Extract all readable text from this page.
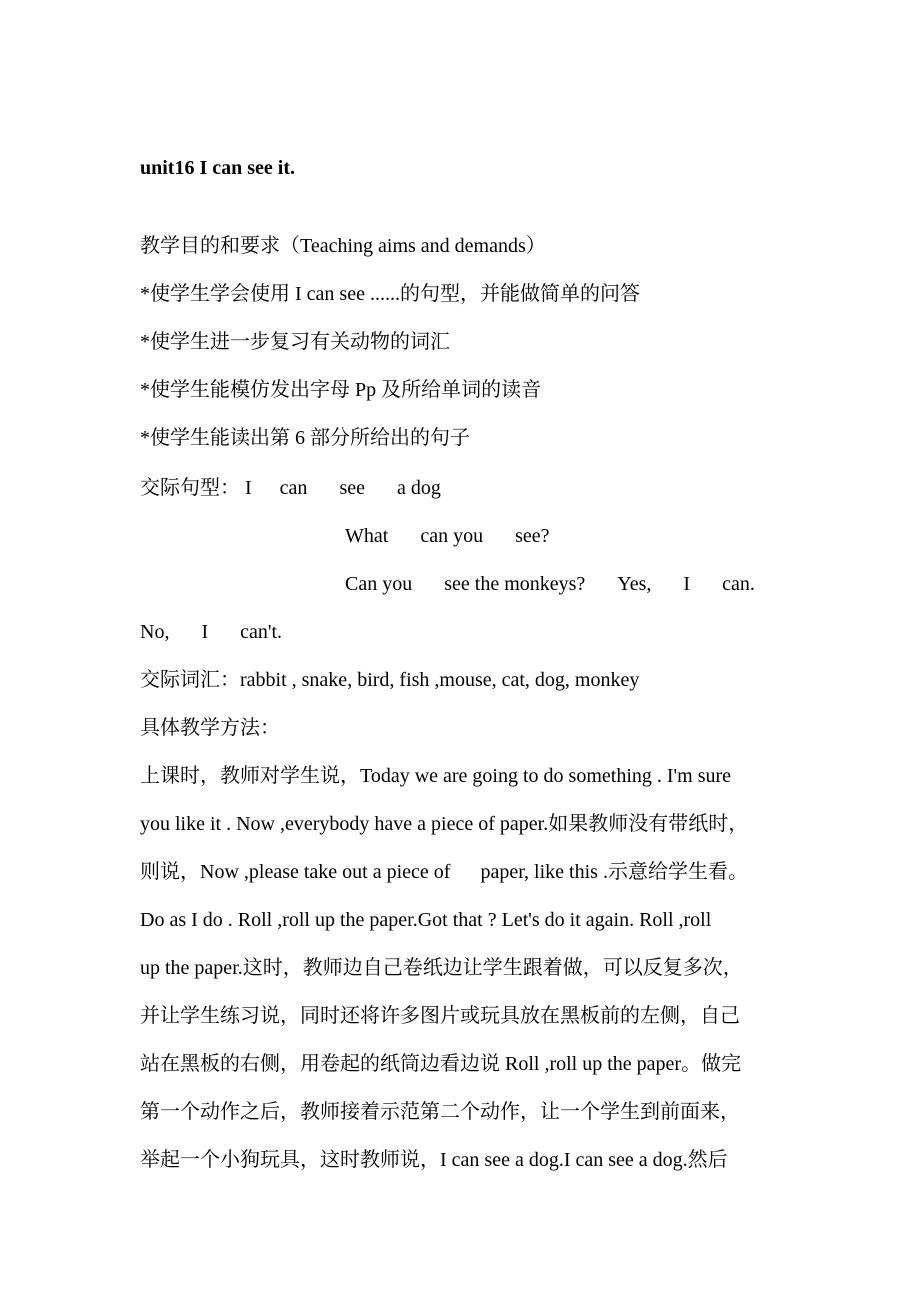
unit16 I can see it.
教学目的和要求（Teaching aims and demands）
*使学生学会使用 I can see ......的句型，并能做简单的问答
*使学生进一步复习有关动物的词汇
*使学生能模仿发出字母 Pp 及所给单词的读音
*使学生能读出第 6 部分所给出的句子
交际句型： I can see a dog
What can you see?
Can you see the monkeys? Yes, I can.
No, I can't.
交际词汇：rabbit , snake, bird, fish ,mouse, cat, dog, monkey
具体教学方法：
上课时，教师对学生说，Today we are going to do something . I'm sure
you like it . Now ,everybody have a piece of paper.如果教师没有带纸时，
则说，Now ,please take out a piece of      paper, like this .示意给学生看。
Do as I do . Roll ,roll up the paper.Got that ? Let's do it again. Roll ,roll
up the paper.这时，教师边自己卷纸边让学生跟着做，可以反复多次，
并让学生练习说，同时还将许多图片或玩具放在黑板前的左侧，自己
站在黑板的右侧，用卷起的纸筒边看边说 Roll ,roll up the paper。做完
第一个动作之后，教师接着示范第二个动作，让一个学生到前面来，
举起一个小狗玩具，这时教师说，I can see a dog.I can see a dog.然后
